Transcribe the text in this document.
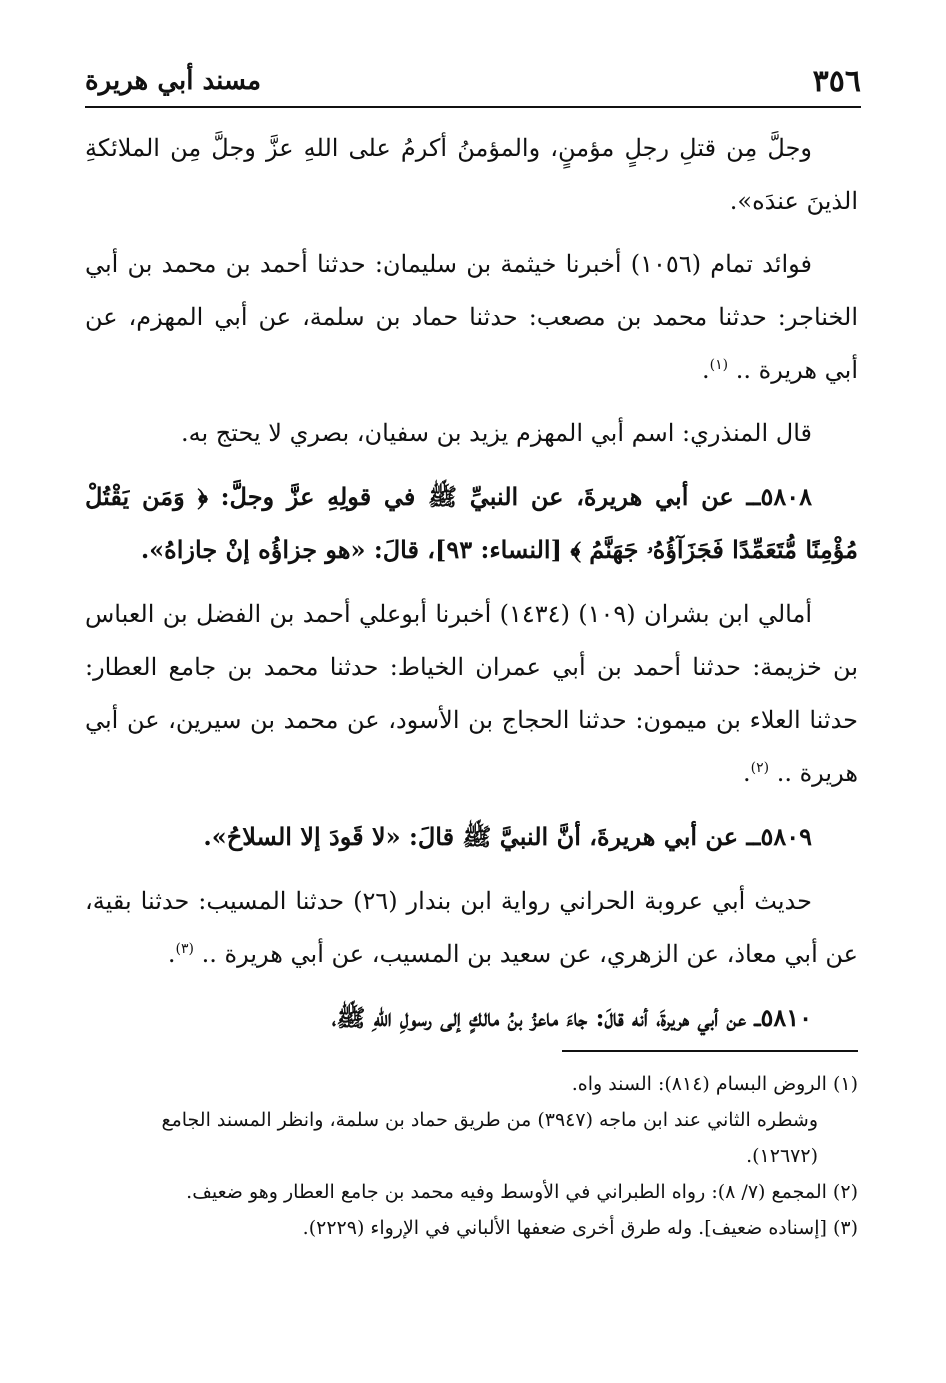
٣٥٦
مسند أبي هريرة

وجلَّ مِن قتلِ رجلٍ مؤمنٍ، والمؤمنُ أكرمُ على اللهِ عزَّ وجلَّ مِن الملائكةِ الذينَ عندَه».

فوائد تمام (١٠٥٦) أخبرنا خيثمة بن سليمان: حدثنا أحمد بن محمد بن أبي الخناجر: حدثنا محمد بن مصعب: حدثنا حماد بن سلمة، عن أبي المهزم، عن أبي هريرة .. $^{(١)}$.

قال المنذري: اسم أبي المهزم يزيد بن سفيان، بصري لا يحتج به.

٥٨٠٨ــ عن أبي هريرةَ، عن النبيِّ ﷺ في قولِهِ عزَّ وجلَّ: ﴿ وَمَن يَقْتُلْ مُؤْمِنًا مُّتَعَمِّدًا فَجَزَآؤُهُۥ جَهَنَّمُ ﴾ [النساء: ٩٣]، قالَ: «هو جزاؤُه إنْ جازاهُ».

أمالي ابن بشران (١٠٩) (١٤٣٤) أخبرنا أبوعلي أحمد بن الفضل بن العباس بن خزيمة: حدثنا أحمد بن أبي عمران الخياط: حدثنا محمد بن جامع العطار: حدثنا العلاء بن ميمون: حدثنا الحجاج بن الأسود، عن محمد بن سيرين، عن أبي هريرة .. $^{(٢)}$.

٥٨٠٩ــ عن أبي هريرةَ، أنَّ النبيَّ ﷺ قالَ: «لا قَودَ إلا السلاحُ».

حديث أبي عروبة الحراني رواية ابن بندار (٢٦) حدثنا المسيب: حدثنا بقية، عن أبي معاذ، عن الزهري، عن سعيد بن المسيب، عن أبي هريرة .. $^{(٣)}$.

٥٨١٠ــ عن أبي هريرةَ، أنه قالَ: جاءَ ماعزُ بنُ مالكٍ إلى رسولِ اللهِ ﷺ،

(١) الروض البسام (٨١٤): السند واه.

وشطره الثاني عند ابن ماجه (٣٩٤٧) من طريق حماد بن سلمة، وانظر المسند الجامع (١٢٦٧٢).

(٢) المجمع (٧/ ٨): رواه الطبراني في الأوسط وفيه محمد بن جامع العطار وهو ضعيف.

(٣) [إسناده ضعيف]. وله طرق أخرى ضعفها الألباني في الإرواء (٢٢٢٩).
